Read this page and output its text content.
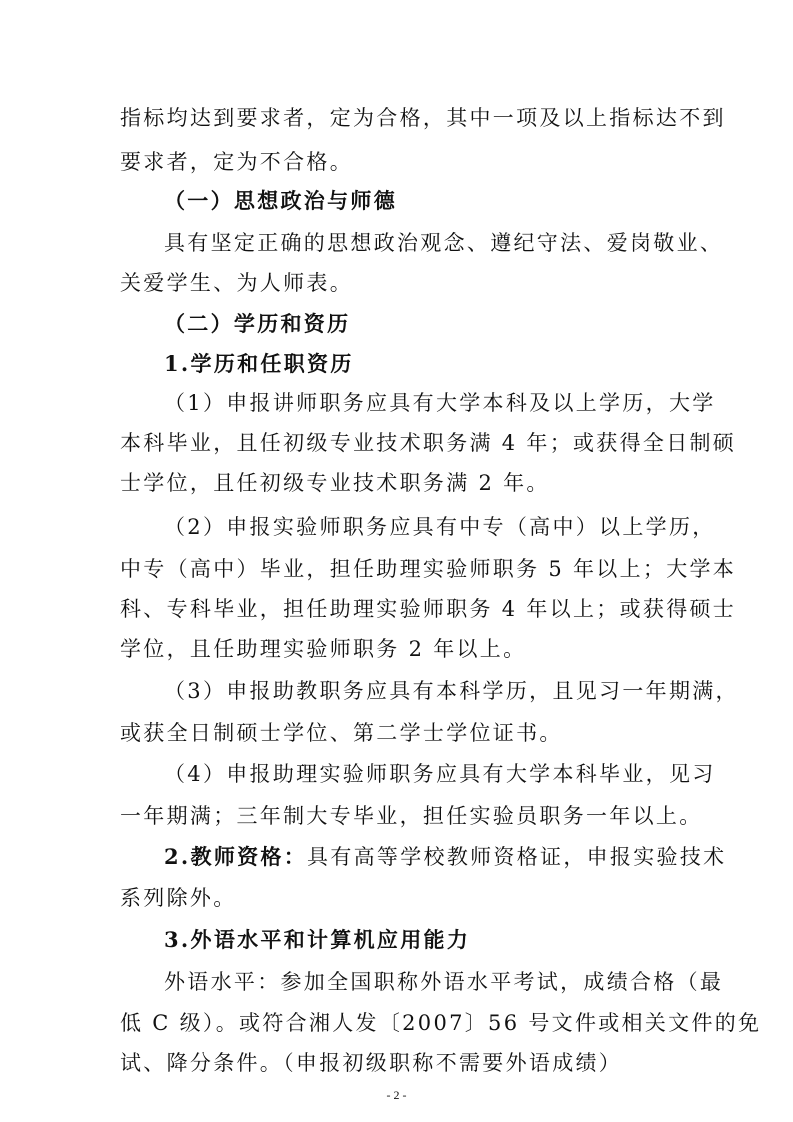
指标均达到要求者，定为合格，其中一项及以上指标达不到
要求者，定为不合格。
（一）思想政治与师德
具有坚定正确的思想政治观念、遵纪守法、爱岗敬业、
关爱学生、为人师表。
（二）学历和资历
1.学历和任职资历
（1）申报讲师职务应具有大学本科及以上学历，大学
本科毕业，且任初级专业技术职务满 4 年；或获得全日制硕
士学位，且任初级专业技术职务满 2 年。
（2）申报实验师职务应具有中专（高中）以上学历，
中专（高中）毕业，担任助理实验师职务 5 年以上；大学本
科、专科毕业，担任助理实验师职务 4 年以上；或获得硕士
学位，且任助理实验师职务 2 年以上。
（3）申报助教职务应具有本科学历，且见习一年期满，
或获全日制硕士学位、第二学士学位证书。
（4）申报助理实验师职务应具有大学本科毕业，见习
一年期满；三年制大专毕业，担任实验员职务一年以上。
2.教师资格：具有高等学校教师资格证，申报实验技术
系列除外。
3.外语水平和计算机应用能力
外语水平：参加全国职称外语水平考试，成绩合格（最
低 C 级）。或符合湘人发〔2007〕56 号文件或相关文件的免
试、降分条件。（申报初级职称不需要外语成绩）
- 2 -
